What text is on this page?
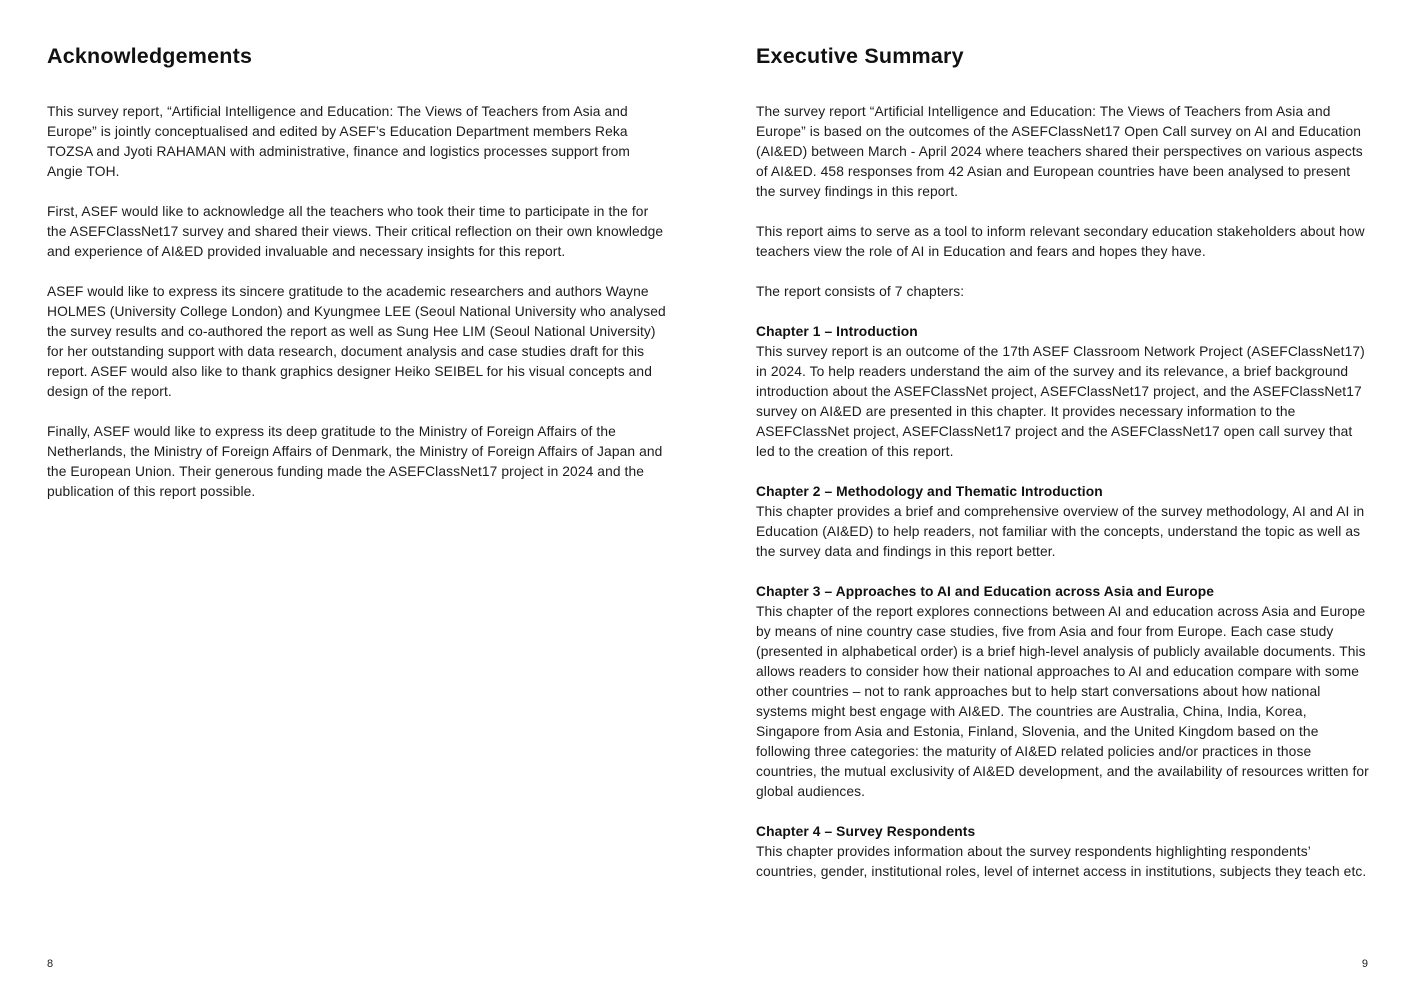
Acknowledgements

This survey report, “Artificial Intelligence and Education: The Views of Teachers from Asia and Europe” is jointly conceptualised and edited by ASEF’s Education Department members Reka TOZSA and Jyoti RAHAMAN with administrative, finance and logistics processes support from Angie TOH.

First, ASEF would like to acknowledge all the teachers who took their time to participate in the for the ASEFClassNet17 survey and shared their views. Their critical reflection on their own knowledge and experience of AI&ED provided invaluable and necessary insights for this report.

ASEF would like to express its sincere gratitude to the academic researchers and authors Wayne HOLMES (University College London) and Kyungmee LEE (Seoul National University who analysed the survey results and co-authored the report as well as Sung Hee LIM (Seoul National University) for her outstanding support with data research, document analysis and case studies draft for this report. ASEF would also like to thank graphics designer Heiko SEIBEL for his visual concepts and design of the report.

Finally, ASEF would like to express its deep gratitude to the Ministry of Foreign Affairs of the Netherlands, the Ministry of Foreign Affairs of Denmark, the Ministry of Foreign Affairs of Japan and the European Union. Their generous funding made the ASEFClassNet17 project in 2024 and the publication of this report possible.

Executive Summary

The survey report “Artificial Intelligence and Education: The Views of Teachers from Asia and Europe” is based on the outcomes of the ASEFClassNet17 Open Call survey on AI and Education (AI&ED) between March - April 2024 where teachers shared their perspectives on various aspects of AI&ED. 458 responses from 42 Asian and European countries have been analysed to present the survey findings in this report.

This report aims to serve as a tool to inform relevant secondary education stakeholders about how teachers view the role of AI in Education and fears and hopes they have.

The report consists of 7 chapters:

Chapter 1 – Introduction

This survey report is an outcome of the 17th ASEF Classroom Network Project (ASEFClassNet17) in 2024. To help readers understand the aim of the survey and its relevance, a brief background introduction about the ASEFClassNet project, ASEFClassNet17 project, and the ASEFClassNet17 survey on AI&ED are presented in this chapter. It provides necessary information to the ASEFClassNet project, ASEFClassNet17 project and the ASEFClassNet17 open call survey that led to the creation of this report.

Chapter 2 – Methodology and Thematic Introduction

This chapter provides a brief and comprehensive overview of the survey methodology, AI and AI in Education (AI&ED) to help readers, not familiar with the concepts, understand the topic as well as the survey data and findings in this report better.

Chapter 3 – Approaches to AI and Education across Asia and Europe

This chapter of the report explores connections between AI and education across Asia and Europe by means of nine country case studies, five from Asia and four from Europe. Each case study (presented in alphabetical order) is a brief high-level analysis of publicly available documents. This allows readers to consider how their national approaches to AI and education compare with some other countries – not to rank approaches but to help start conversations about how national systems might best engage with AI&ED. The countries are Australia, China, India, Korea, Singapore from Asia and Estonia, Finland, Slovenia, and the United Kingdom based on the following three categories: the maturity of AI&ED related policies and/or practices in those countries, the mutual exclusivity of AI&ED development, and the availability of resources written for global audiences.

Chapter 4 – Survey Respondents

This chapter provides information about the survey respondents highlighting respondents’ countries, gender, institutional roles, level of internet access in institutions, subjects they teach etc.

8	9
